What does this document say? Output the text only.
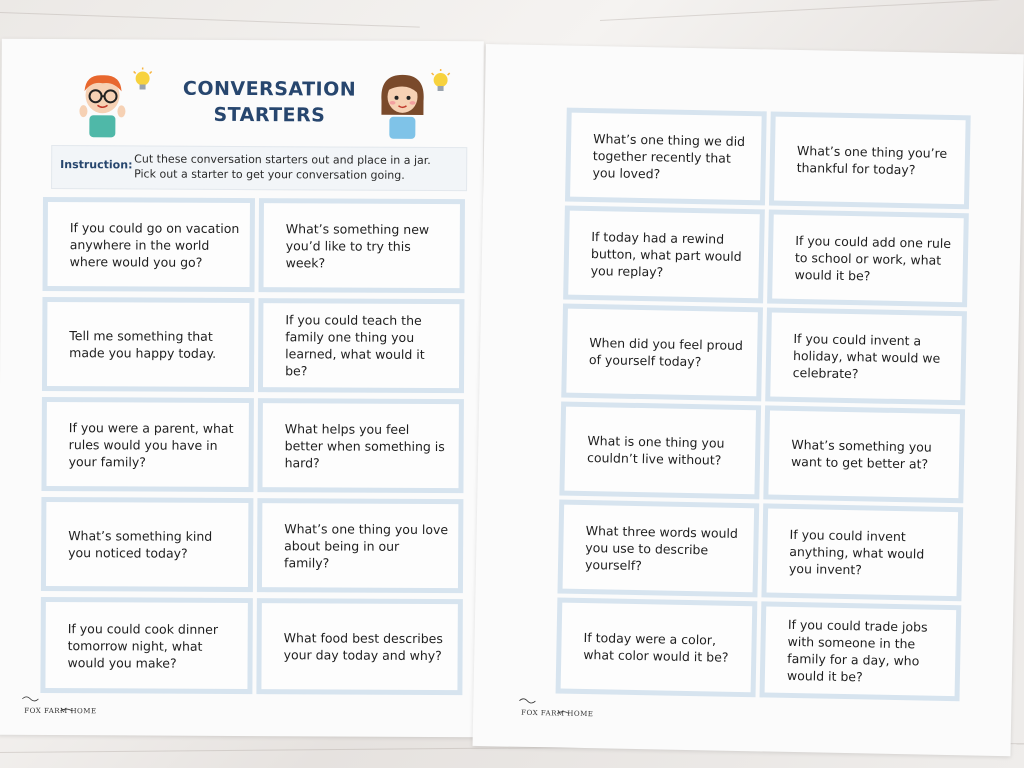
CONVERSATION
STARTERS
Instruction: Cut these conversation starters out and place in a jar.
Pick out a starter to get your conversation going.
If you could go on vacation anywhere in the world where would you go?
What’s something new you’d like to try this week?
Tell me something that made you happy today.
If you could teach the family one thing you learned, what would it be?
If you were a parent, what rules would you have in your family?
What helps you feel better when something is hard?
What’s something kind you noticed today?
What’s one thing you love about being in our family?
If you could cook dinner tomorrow night, what would you make?
What food best describes your day today and why?
FOX FARM HOME
What’s one thing we did together recently that you loved?
What’s one thing you’re thankful for today?
If today had a rewind button, what part would you replay?
If you could add one rule to school or work, what would it be?
When did you feel proud of yourself today?
If you could invent a holiday, what would we celebrate?
What is one thing you couldn’t live without?
What’s something you want to get better at?
What three words would you use to describe yourself?
If you could invent anything, what would you invent?
If today were a color, what color would it be?
If you could trade jobs with someone in the family for a day, who would it be?
FOX FARM HOME
